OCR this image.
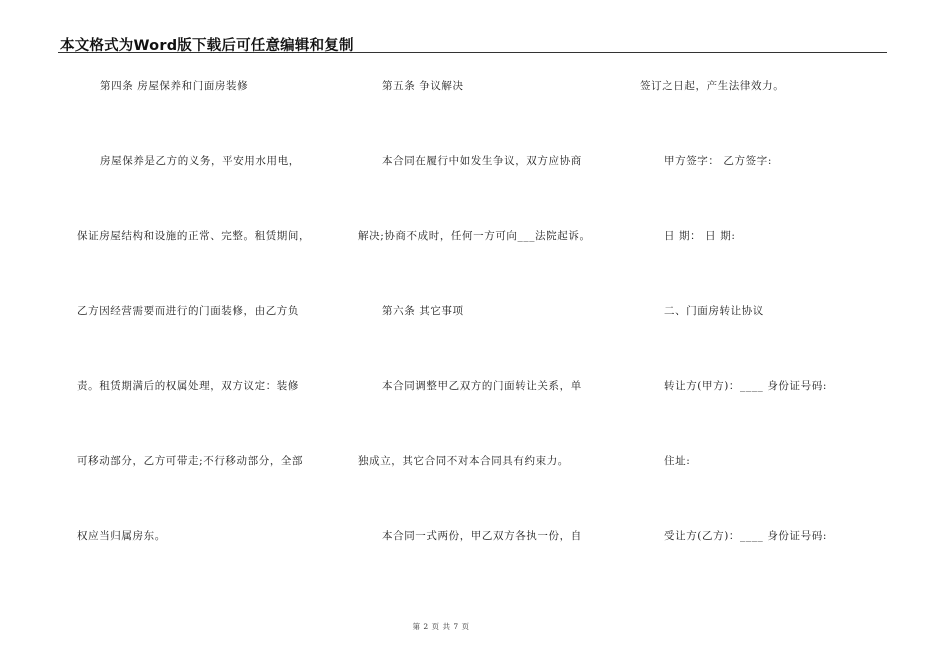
本文格式为Word版下载后可任意编辑和复制
第四条 房屋保养和门面房装修
房屋保养是乙方的义务，平安用水用电，
保证房屋结构和设施的正常、完整。租赁期间，
乙方因经营需要而进行的门面装修，由乙方负
责。租赁期满后的权属处理，双方议定：装修
可移动部分，乙方可带走;不行移动部分，全部
权应当归属房东。
第五条 争议解决
本合同在履行中如发生争议，双方应协商
解决;协商不成时，任何一方可向___法院起诉。
第六条 其它事项
本合同调整甲乙双方的门面转让关系，单
独成立，其它合同不对本合同具有约束力。
本合同一式两份，甲乙双方各执一份，自
签订之日起，产生法律效力。
甲方签字： 乙方签字:
日 期： 日 期:
二、门面房转让协议
转让方(甲方)：____ 身份证号码:
住址:
受让方(乙方)：____ 身份证号码:
第 2 页 共 7 页
